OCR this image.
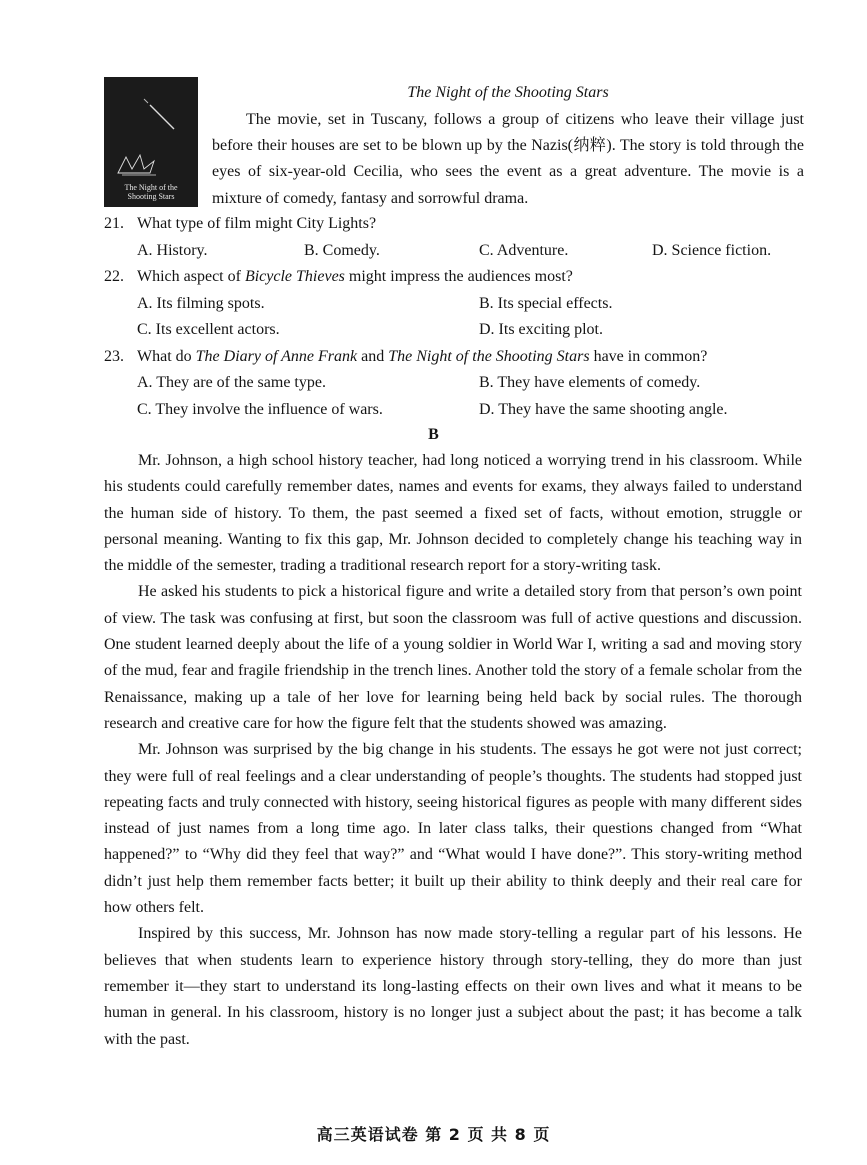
The Night of the Shooting Stars

The Night of the Shooting Stars

The movie, set in Tuscany, follows a group of citizens who leave their village just before their houses are set to be blown up by the Nazis(纳粹). The story is told through the eyes of six-year-old Cecilia, who sees the event as a great adventure. The movie is a mixture of comedy, fantasy and sorrowful drama.

21. What type of film might City Lights?
A. History.	B. Comedy.	C. Adventure.	D. Science fiction.
22. Which aspect of Bicycle Thieves might impress the audiences most?
A. Its filming spots.	B. Its special effects.
C. Its excellent actors.	D. Its exciting plot.
23. What do The Diary of Anne Frank and The Night of the Shooting Stars have in common?
A. They are of the same type.	B. They have elements of comedy.
C. They involve the influence of wars.	D. They have the same shooting angle.
B

Mr. Johnson, a high school history teacher, had long noticed a worrying trend in his classroom. While his students could carefully remember dates, names and events for exams, they always failed to understand the human side of history. To them, the past seemed a fixed set of facts, without emotion, struggle or personal meaning. Wanting to fix this gap, Mr. Johnson decided to completely change his teaching way in the middle of the semester, trading a traditional research report for a story-writing task.

He asked his students to pick a historical figure and write a detailed story from that person’s own point of view. The task was confusing at first, but soon the classroom was full of active questions and discussion. One student learned deeply about the life of a young soldier in World War I, writing a sad and moving story of the mud, fear and fragile friendship in the trench lines. Another told the story of a female scholar from the Renaissance, making up a tale of her love for learning being held back by social rules. The thorough research and creative care for how the figure felt that the students showed was amazing.

Mr. Johnson was surprised by the big change in his students. The essays he got were not just correct; they were full of real feelings and a clear understanding of people’s thoughts. The students had stopped just repeating facts and truly connected with history, seeing historical figures as people with many different sides instead of just names from a long time ago. In later class talks, their questions changed from “What happened?” to “Why did they feel that way?” and “What would I have done?”. This story-writing method didn’t just help them remember facts better; it built up their ability to think deeply and their real care for how others felt.

Inspired by this success, Mr. Johnson has now made story-telling a regular part of his lessons. He believes that when students learn to experience history through story-telling, they do more than just remember it—they start to understand its long-lasting effects on their own lives and what it means to be human in general. In his classroom, history is no longer just a subject about the past; it has become a talk with the past.

高三英语试卷 第 2 页 共 8 页
